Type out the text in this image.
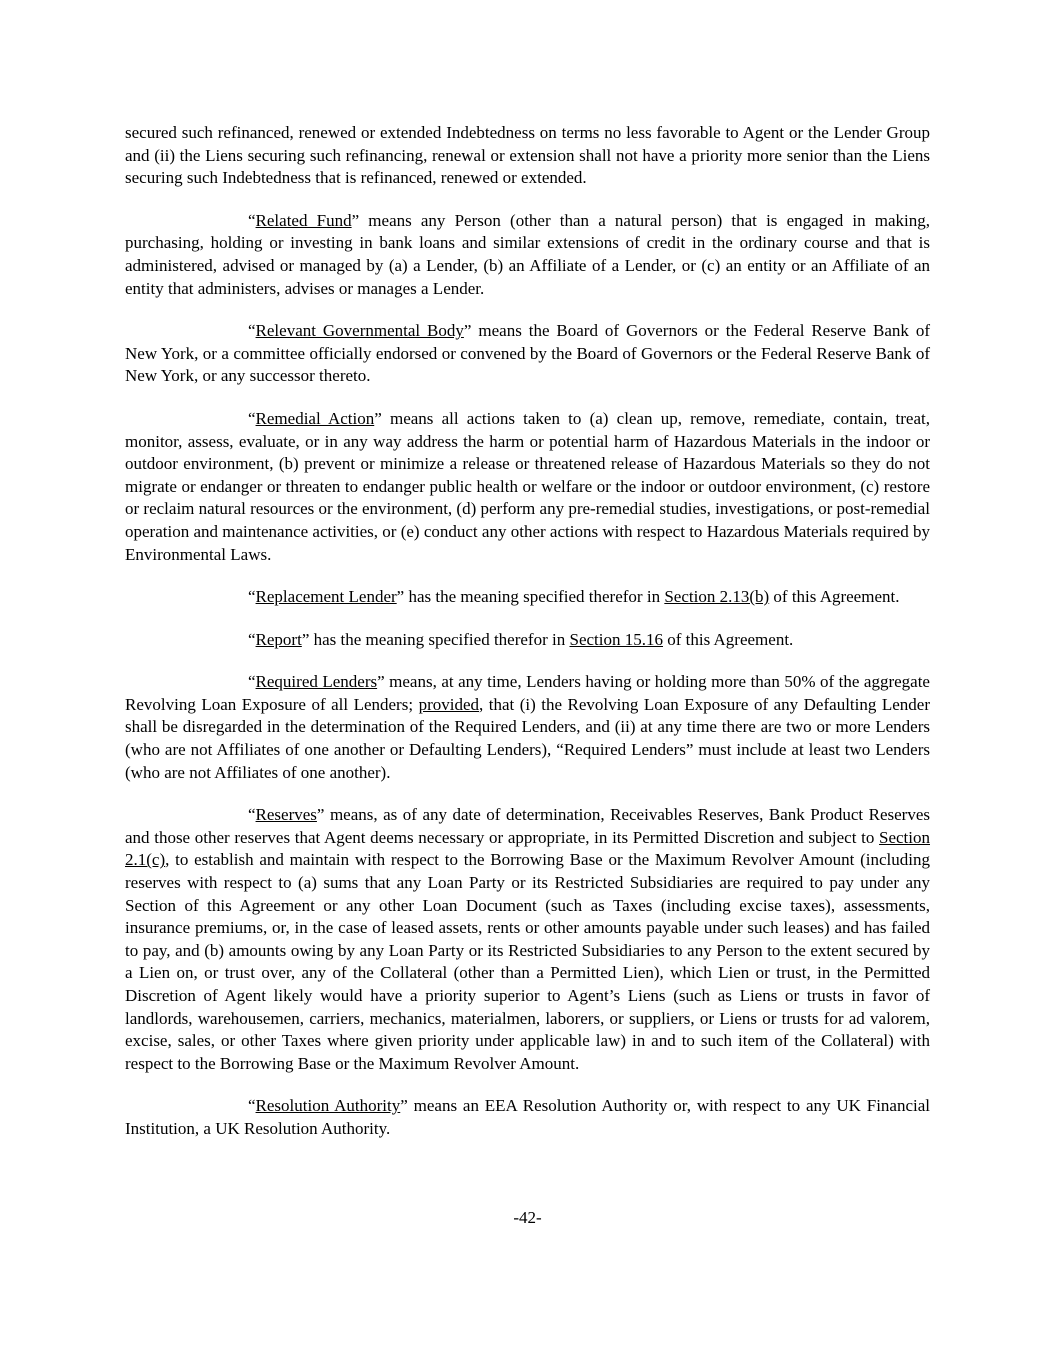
secured such refinanced, renewed or extended Indebtedness on terms no less favorable to Agent or the Lender Group and (ii) the Liens securing such refinancing, renewal or extension shall not have a priority more senior than the Liens securing such Indebtedness that is refinanced, renewed or extended.

“Related Fund” means any Person (other than a natural person) that is engaged in making, purchasing, holding or investing in bank loans and similar extensions of credit in the ordinary course and that is administered, advised or managed by (a) a Lender, (b) an Affiliate of a Lender, or (c) an entity or an Affiliate of an entity that administers, advises or manages a Lender.

“Relevant Governmental Body” means the Board of Governors or the Federal Reserve Bank of New York, or a committee officially endorsed or convened by the Board of Governors or the Federal Reserve Bank of New York, or any successor thereto.

“Remedial Action” means all actions taken to (a) clean up, remove, remediate, contain, treat, monitor, assess, evaluate, or in any way address the harm or potential harm of Hazardous Materials in the indoor or outdoor environment, (b) prevent or minimize a release or threatened release of Hazardous Materials so they do not migrate or endanger or threaten to endanger public health or welfare or the indoor or outdoor environment, (c) restore or reclaim natural resources or the environment, (d) perform any pre-remedial studies, investigations, or post-remedial operation and maintenance activities, or (e) conduct any other actions with respect to Hazardous Materials required by Environmental Laws.

“Replacement Lender” has the meaning specified therefor in Section 2.13(b) of this Agreement.

“Report” has the meaning specified therefor in Section 15.16 of this Agreement.

“Required Lenders” means, at any time, Lenders having or holding more than 50% of the aggregate Revolving Loan Exposure of all Lenders; provided, that (i) the Revolving Loan Exposure of any Defaulting Lender shall be disregarded in the determination of the Required Lenders, and (ii) at any time there are two or more Lenders (who are not Affiliates of one another or Defaulting Lenders), “Required Lenders” must include at least two Lenders (who are not Affiliates of one another).

“Reserves” means, as of any date of determination, Receivables Reserves, Bank Product Reserves and those other reserves that Agent deems necessary or appropriate, in its Permitted Discretion and subject to Section 2.1(c), to establish and maintain with respect to the Borrowing Base or the Maximum Revolver Amount (including reserves with respect to (a) sums that any Loan Party or its Restricted Subsidiaries are required to pay under any Section of this Agreement or any other Loan Document (such as Taxes (including excise taxes), assessments, insurance premiums, or, in the case of leased assets, rents or other amounts payable under such leases) and has failed to pay, and (b) amounts owing by any Loan Party or its Restricted Subsidiaries to any Person to the extent secured by a Lien on, or trust over, any of the Collateral (other than a Permitted Lien), which Lien or trust, in the Permitted Discretion of Agent likely would have a priority superior to Agent’s Liens (such as Liens or trusts in favor of landlords, warehousemen, carriers, mechanics, materialmen, laborers, or suppliers, or Liens or trusts for ad valorem, excise, sales, or other Taxes where given priority under applicable law) in and to such item of the Collateral) with respect to the Borrowing Base or the Maximum Revolver Amount.

“Resolution Authority” means an EEA Resolution Authority or, with respect to any UK Financial Institution, a UK Resolution Authority.

-42-
